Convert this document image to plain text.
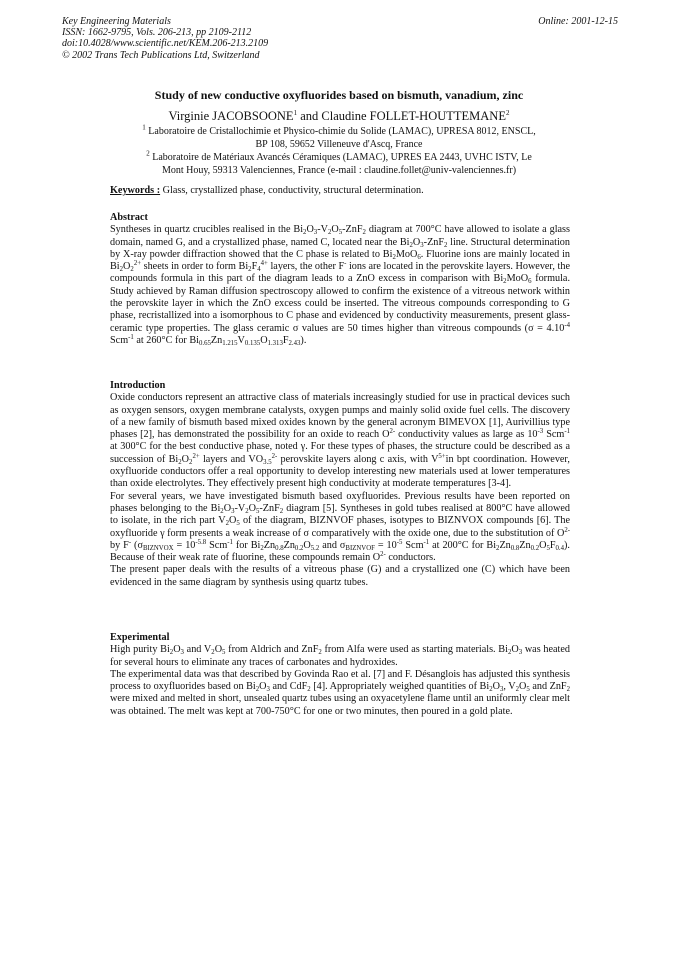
Key Engineering Materials
ISSN: 1662-9795, Vols. 206-213, pp 2109-2112
doi:10.4028/www.scientific.net/KEM.206-213.2109
© 2002 Trans Tech Publications Ltd, Switzerland
Online: 2001-12-15
Study of new conductive oxyfluorides based on bismuth, vanadium, zinc
Virginie JACOBSOONE$^1$ and Claudine FOLLET-HOUTTEMANE$^2$
$^1$ Laboratoire de Cristallochimie et Physico-chimie du Solide (LAMAC), UPRESA 8012, ENSCL,
BP 108, 59652 Villeneuve d'Ascq, France
$^2$ Laboratoire de Matériaux Avancés Céramiques (LAMAC), UPRES EA 2443, UVHC ISTV, Le
Mont Houy, 59313 Valenciennes, France (e-mail : claudine.follet@univ-valenciennes.fr)
Keywords : Glass, crystallized phase, conductivity, structural determination.
Abstract

Syntheses in quartz crucibles realised in the $Bi_2O_3-V_2O_5-ZnF_2$ diagram at 700°C have allowed to isolate a glass domain, named G, and a crystallized phase, named C, located near the $Bi_2O_3-ZnF_2$ line. Structural determination by X-ray powder diffraction showed that the C phase is related to $Bi_2MoO_6$. Fluorine ions are mainly located in $Bi_2O_2^{2+}$ sheets in order to form $Bi_2F_4^{4+}$ layers, the other F- ions are located in the perovskite layers. However, the compounds formula in this part of the diagram leads to a ZnO excess in comparison with $Bi_2MoO_6$ formula. Study achieved by Raman diffusion spectroscopy allowed to confirm the existence of a vitreous network within the perovskite layer in which the ZnO excess could be inserted. The vitreous compounds corresponding to G phase, recristallized into a isomorphous to C phase and evidenced by conductivity measurements, present glass-ceramic type properties. The glass ceramic σ values are 50 times higher than vitreous compounds ($\sigma = 4.10^{-4}$ Scm$^{-1}$ at 260°C for $Bi_{0.65}Zn_{1.215}V_{0.135}O_{1.313}F_{2.43}$).

Introduction

Oxide conductors represent an attractive class of materials increasingly studied for use in practical devices such as oxygen sensors, oxygen membrane catalysts, oxygen pumps and mainly solid oxide fuel cells. The discovery of a new family of bismuth based mixed oxides known by the general acronym BIMEVOX [1], Aurivillius type phases [2], has demonstrated the possibility for an oxide to reach $O^{2-}$ conductivity values as large as $10^{-3}$ Scm$^{-1}$ at 300°C for the best conductive phase, noted γ. For these types of phases, the structure could be described as a succession of $Bi_2O_2^{2+}$ layers and $VO_{3.5}^{2-}$ perovskite layers along c axis, with $V^{5+}in$ bpt coordination. However, oxyfluoride conductors offer a real opportunity to develop interesting new materials used at lower temperatures than oxide electrolytes. They effectively present high conductivity at moderate temperatures [3-4].

For several years, we have investigated bismuth based oxyfluorides. Previous results have been reported on phases belonging to the $Bi_2O_3-V_2O_5-ZnF_2$ diagram [5]. Syntheses in gold tubes realised at 800°C have allowed to isolate, in the rich part $V_2O_5$ of the diagram, BIZNVOF phases, isotypes to BIZNVOX compounds [6]. The oxyfluoride γ form presents a weak increase of σ comparatively with the oxide one, due to the substitution of $O^{2-}$ by F- ($\sigma_{BIZNVOX} = 10^{-5.8}$ Scm$^{-1}$ for $Bi_2Zn_{0.8}Zn_{0.2}O_{5.2}$ and $\sigma_{BIZNVOF} = 10^{-5}$ Scm$^{-1}$ at 200°C for $Bi_2Zn_{0.8}Zn_{0.2}O_5F_{0.4}$). Because of their weak rate of fluorine, these compounds remain $O^{2-}$ conductors.

The present paper deals with the results of a vitreous phase (G) and a crystallized one (C) which have been evidenced in the same diagram by synthesis using quartz tubes.

Experimental

High purity $Bi_2O_3$ and $V_2O_5$ from Aldrich and ZnF$_2$ from Alfa were used as starting materials. $Bi_2O_3$ was heated for several hours to eliminate any traces of carbonates and hydroxides.

The experimental data was that described by Govinda Rao et al. [7] and F. Désanglois has adjusted this synthesis process to oxyfluorides based on $Bi_2O_3$ and CdF$_2$ [4]. Appropriately weighed quantities of $Bi_2O_3$, $V_2O_5$ and ZnF$_2$ were mixed and melted in short, unsealed quartz tubes using an oxyacetylene flame until an uniformly clear melt was obtained. The melt was kept at 700-750°C for one or two minutes, then poured in a gold plate.
